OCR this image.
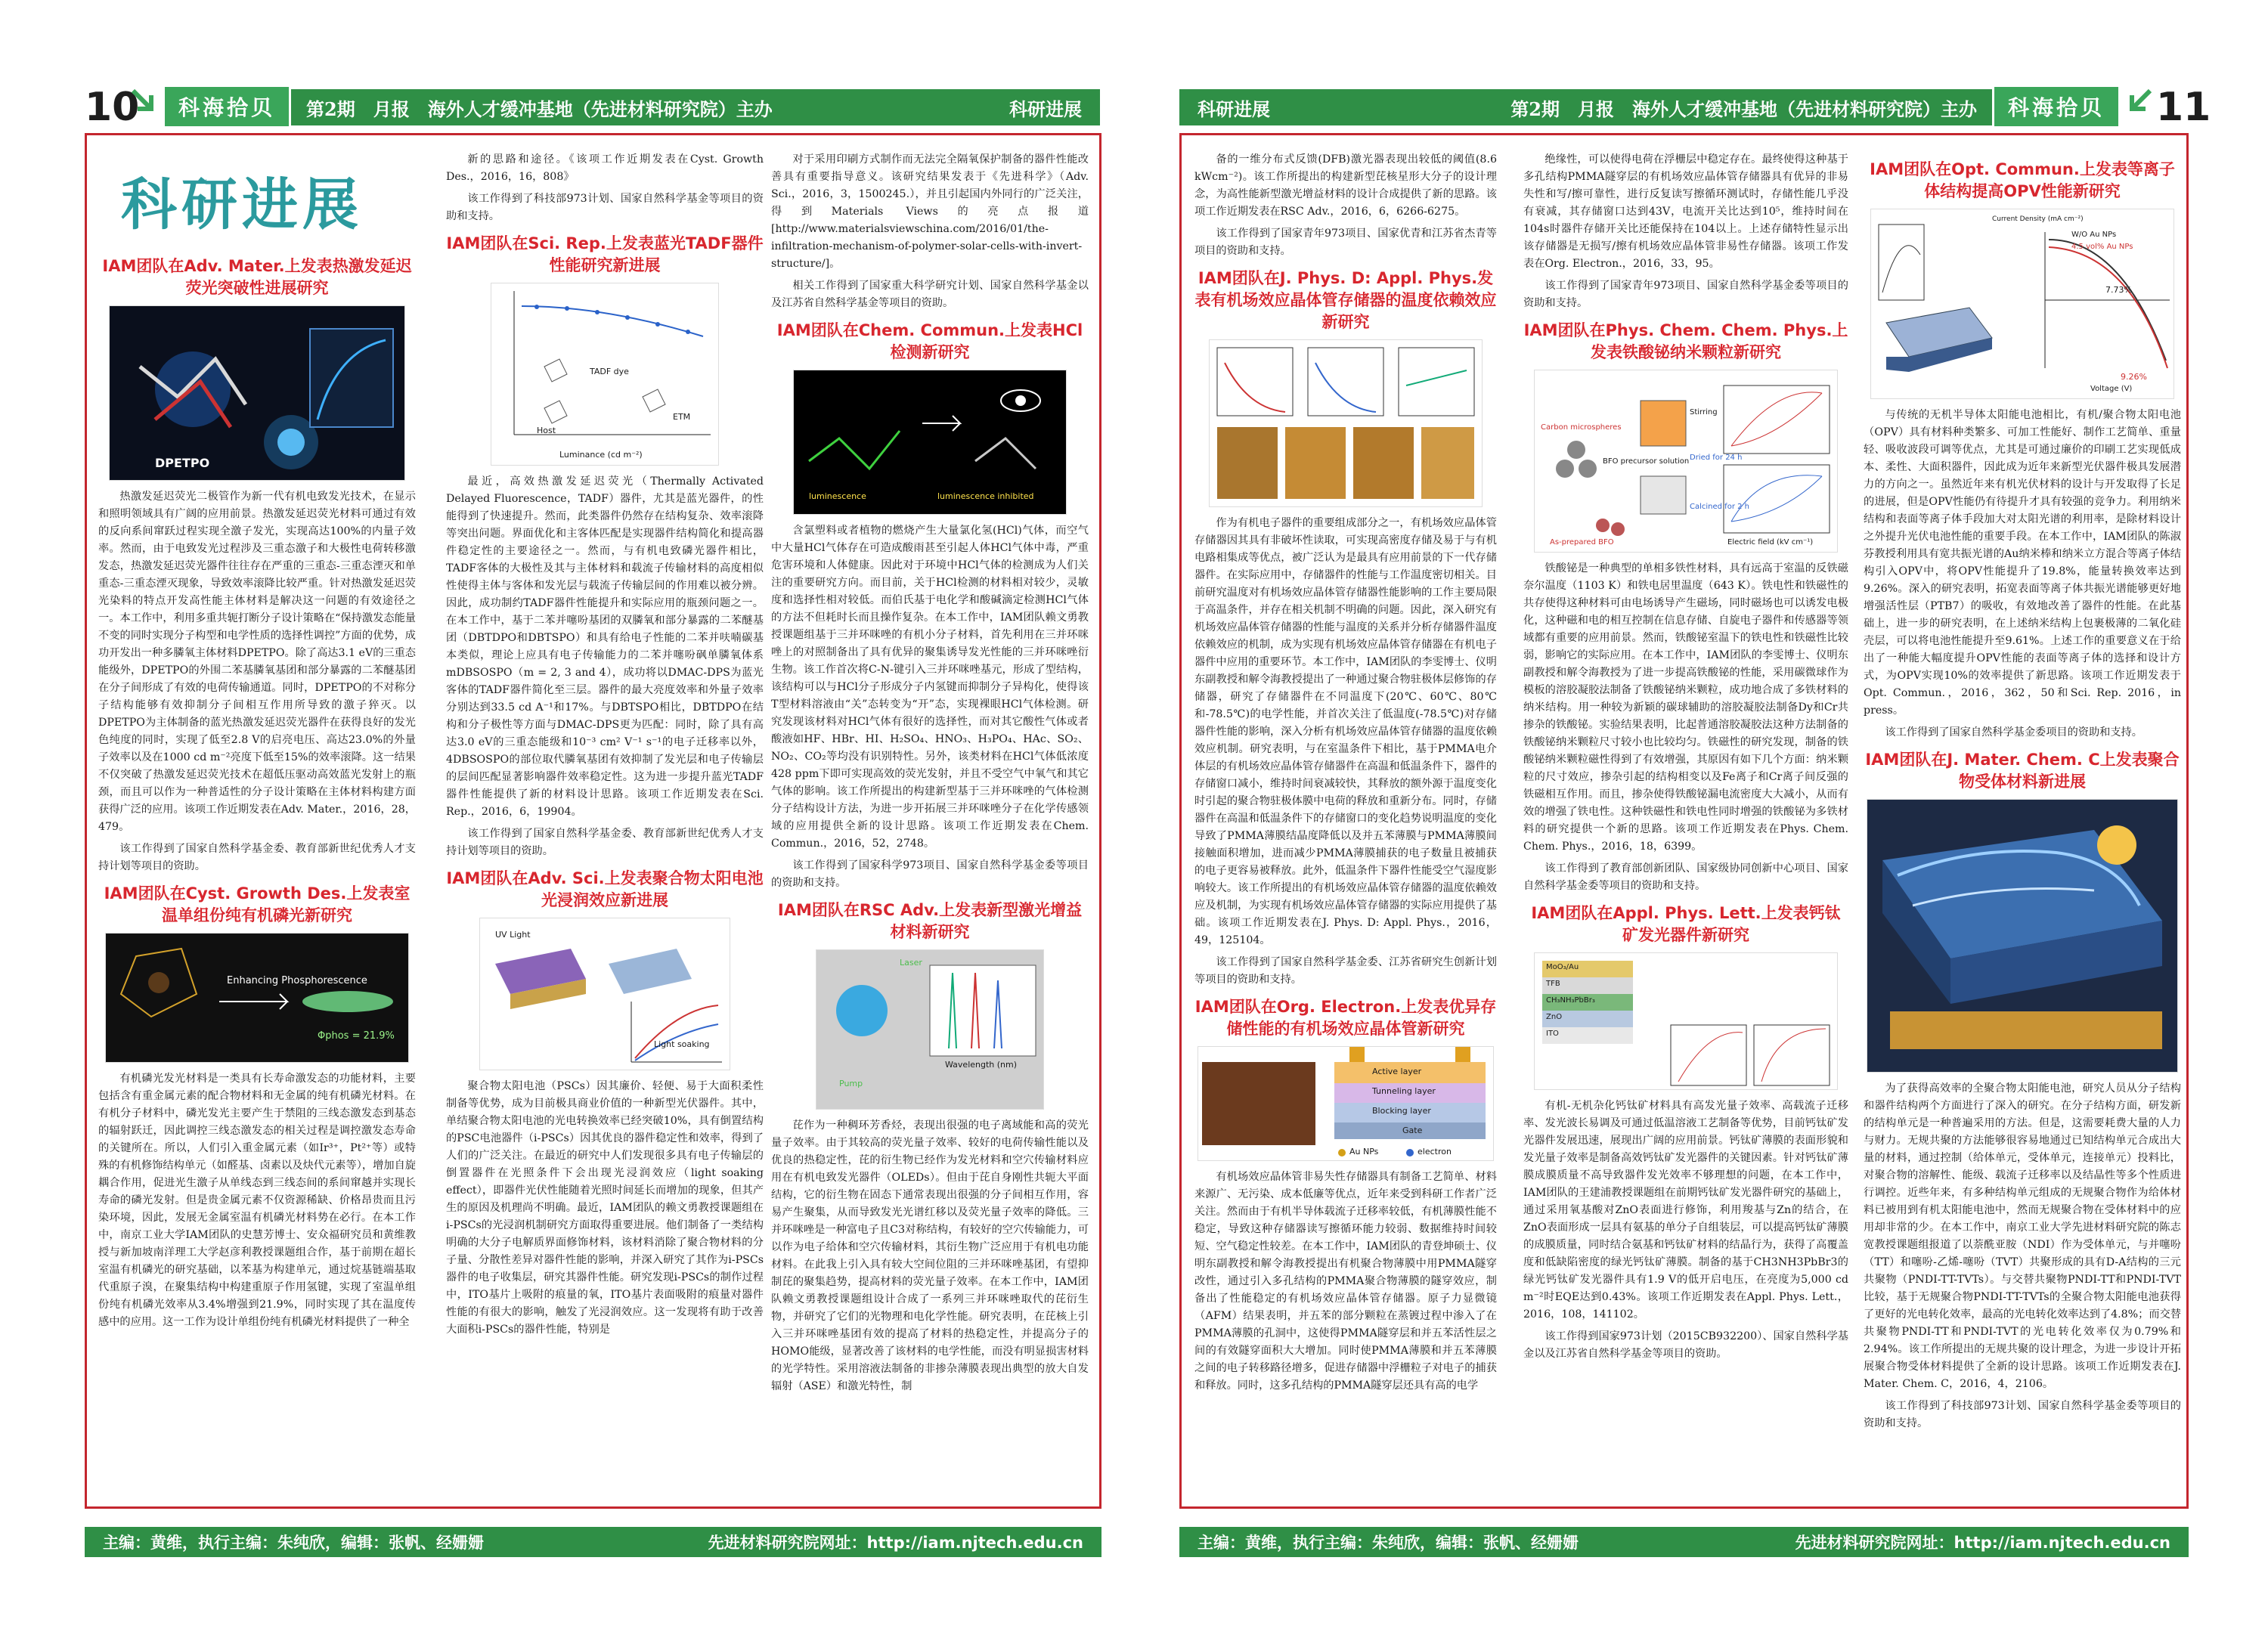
10	科海拾贝	第2期　月报　海外人才缓冲基地（先进材料研究院）主办	科研进展
科研进展
IAM团队在Adv. Mater.上发表热激发延迟荧光突破性进展研究
DPETPO

热激发延迟荧光二极管作为新一代有机电致发光技术，在显示和照明领域具有广阔的应用前景。热激发延迟荧光材料可通过有效的反向系间窜跃过程实现全激子发光，实现高达100%的内量子效率。然而，由于电致发光过程涉及三重态激子和大极性电荷转移激发态，热激发延迟荧光器件往往存在严重的三重态-三重态湮灭和单重态-三重态湮灭现象，导致效率滚降比较严重。针对热激发延迟荧光染料的特点开发高性能主体材料是解决这一问题的有效途径之一。本工作中，利用多重共轭打断分子设计策略在“保持激发态能量不变的同时实现分子构型和电学性质的选择性调控”方面的优势，成功开发出一种多膦氧主体材料DPETPO。除了高达3.1 eV的三重态能级外，DPETPO的外围二苯基膦氧基团和部分暴露的二苯醚基团在分子间形成了有效的电荷传输通道。同时，DPETPO的不对称分子结构能够有效抑制分子间相互作用所导致的激子猝灭。以DPETPO为主体制备的蓝光热激发延迟荧光器件在获得良好的发光色纯度的同时，实现了低至2.8 V的启亮电压、高达23.0%的外量子效率以及在1000 cd m⁻²亮度下低至15%的效率滚降。这一结果不仅突破了热激发延迟荧光技术在超低压驱动高效蓝光发射上的瓶颈，而且可以作为一种普适性的分子设计策略在主体材料构建方面获得广泛的应用。该项工作近期发表在Adv. Mater.，2016，28，479。

该工作得到了国家自然科学基金委、教育部新世纪优秀人才支持计划等项目的资助。

IAM团队在Cyst. Growth Des.上发表室温单组份纯有机磷光新研究
Enhancing Phosphorescence
Φphos = 21.9%

有机磷光发光材料是一类具有长寿命激发态的功能材料，主要包括含有重金属元素的配合物材料和无金属的纯有机磷光材料。在有机分子材料中，磷光发光主要产生于禁阻的三线态激发态到基态的辐射跃迁，因此调控三线态激发态的相关过程是调控激发态寿命的关键所在。所以，人们引入重金属元素（如Ir³⁺，Pt²⁺等）或特殊的有机修饰结构单元（如醛基、卤素以及炔代元素等），增加自旋耦合作用，促进光生激子从单线态到三线态间的系间窜越并实现长寿命的磷光发射。但是贵金属元素不仅资源稀缺、价格昂贵而且污染环境，因此，发展无金属室温有机磷光材料势在必行。在本工作中，南京工业大学IAM团队的史慧芳博士、安众福研究员和黄维教授与新加坡南洋理工大学赵彦利教授课题组合作，基于前期在超长室温有机磷光的研究基础，以苯基为构建单元，通过烷基链端基取代重原子溴，在聚集结构中构建重原子作用氢键，实现了室温单组份纯有机磷光效率从3.4%增强到21.9%，同时实现了其在温度传感中的应用。这一工作为设计单组份纯有机磷光材料提供了一种全

新的思路和途径。《该项工作近期发表在Cyst. Growth Des.，2016，16，808》

该工作得到了科技部973计划、国家自然科学基金等项目的资助和支持。

IAM团队在Sci. Rep.上发表蓝光TADF器件性能研究新进展
TADF dye
Host
ETM
Luminance (cd m⁻²)

最近，高效热激发延迟荧光（Thermally Activated Delayed Fluorescence，TADF）器件，尤其是蓝光器件，的性能得到了快速提升。然而，此类器件仍然存在结构复杂、效率滚降等突出问题。界面优化和主客体匹配是实现器件结构简化和提高器件稳定性的主要途径之一。然而，与有机电致磷光器件相比，TADF客体的大极性及其与主体材料和载流子传输材料的高度相似性使得主体与客体和发光层与载流子传输层间的作用难以被分辨。因此，成功制约TADF器件性能提升和实际应用的瓶颈问题之一。在本工作中，基于二苯并噻吩基团的双膦氧和部分暴露的二苯醚基团（DBTDPO和DBTSPO）和具有给电子性能的二苯并呋喃碳基本类似，理论上应具有电子传输能力的二苯并噻吩砜单膦氧体系mDBSOSPO（m = 2, 3 and 4），成功将以DMAC-DPS为蓝光客体的TADF器件简化至三层。器件的最大亮度效率和外量子效率分别达到33.5 cd A⁻¹和17%。与DBTSPO相比，DBTDPO在结构和分子极性等方面与DMAC-DPS更为匹配：同时，除了具有高达3.0 eV的三重态能级和10⁻³ cm² V⁻¹ s⁻¹的电子迁移率以外，4DBSOSPO的部位取代膦氧基团有效抑制了发光层和电子传输层的层间匹配显著影响器件效率稳定性。这为进一步提升蓝光TADF器件性能提供了新的材料设计思路。该项工作近期发表在Sci. Rep.，2016，6，19904。

该工作得到了国家自然科学基金委、教育部新世纪优秀人才支持计划等项目的资助。

IAM团队在Adv. Sci.上发表聚合物太阳电池光浸润效应新进展
UV Light
Light soaking

聚合物太阳电池（PSCs）因其廉价、轻便、易于大面积柔性制备等优势，成为目前极具商业价值的一种新型光伏器件。其中，单结聚合物太阳电池的光电转换效率已经突破10%，具有倒置结构的PSC电池器件（i-PSCs）因其优良的器件稳定性和效率，得到了人们的广泛关注。在最近的研究中人们发现很多具有电子传输层的倒置器件在光照条件下会出现光浸润效应（light soaking effect），即器件光伏性能随着光照时间延长而增加的现象，但其产生的原因及机理尚不明确。最近，IAM团队的赖文勇教授课题组在i-PSCs的光浸润机制研究方面取得重要进展。他们制备了一类结构明确的大分子电解质界面修饰材料，该材料消除了聚合物材料的分子量、分散性差异对器件性能的影响，并深入研究了其作为i-PSCs器件的电子收集层，研究其器件性能。研究发现i-PSCs的制作过程中，ITO基片上吸附的痕量的氧，ITO基片表面吸附的痕量对器件性能的有很大的影响，触发了光浸润效应。这一发现将有助于改善大面积i-PSCs的器件性能，特别是

对于采用印刷方式制作而无法完全隔氧保护制备的器件性能改善具有重要指导意义。该研究结果发表于《先进科学》（Adv. Sci.，2016，3，1500245.），并且引起国内外同行的广泛关注，得到Materials Views的亮点报道[http://www.materialsviewschina.com/2016/01/the-infiltration-mechanism-of-polymer-solar-cells-with-invert-structure/]。

相关工作得到了国家重大科学研究计划、国家自然科学基金以及江苏省自然科学基金等项目的资助。

IAM团队在Chem. Commun.上发表HCl检测新研究
luminescence	luminescence inhibited

含氯塑料或者植物的燃烧产生大量氯化氢(HCl)气体，而空气中大量HCl气体存在可造成酸雨甚至引起人体HCl气体中毒，严重危害环境和人体健康。因此对于环境中HCl气体的检测成为人们关注的重要研究方向。而目前，关于HCl检测的材料相对较少，灵敏度和选择性相对较低。而伯氏基于电化学和酸碱滴定检测HCl气体的方法不但耗时长而且操作复杂。在本工作中，IAM团队赖文勇教授课题组基于三并环咪唑的有机小分子材料，首先利用在三并环咪唑上的对照制备出了具有优异的聚集诱导发光性能的三并环咪唑衍生物。该工作首次将C-N-键引入三并环咪唑基元，形成了型结构，该结构可以与HCl分子形成分子内氢键而抑制分子异构化，使得该T型材料溶液由“关”态转变为“开”态，实现裸眼HCl气体检测。研究发现该材料对HCl气体有很好的选择性，而对其它酸性气体或者酸液如HF、HBr、HI、H₂SO₄、HNO₃、H₃PO₄、HAc、SO₂、NO₂、CO₂等均没有识别特性。另外，该类材料在HCl气体低浓度428 ppm下即可实现高效的荧光发射，并且不受空气中氧气和其它气体的影响。该工作所提出的构建新型基于三并环咪唑的气体检测分子结构设计方法，为进一步开拓展三并环咪唑分子在化学传感领域的应用提供全新的设计思路。该项工作近期发表在Chem. Commun.，2016，52，2748。

该工作得到了国家科学973项目、国家自然科学基金委等项目的资助和支持。

IAM团队在RSC Adv.上发表新型激光增益材料新研究
Laser
Pump
Wavelength (nm)

芘作为一种稠环芳香烃，表现出很强的电子离域能和高的荧光量子效率。由于其较高的荧光量子效率、较好的电荷传输性能以及优良的热稳定性，芘的衍生物已经作为发光材料和空穴传输材料应用在有机电致发光器件（OLEDs）。但由于芘自身刚性共轭大平面结构，它的衍生物在固态下通常表现出很强的分子间相互作用，容易产生聚集，从而导致发光光谱红移以及荧光量子效率的降低。三并环咪唑是一种富电子且C3对称结构，有较好的空穴传输能力，可以作为电子给体和空穴传输材料，其衍生物广泛应用于有机电功能材料。在此我上引入具有较大空间位阻的三并环咪唑基团，有望抑制芘的聚集趋势，提高材料的荧光量子效率。在本工作中，IAM团队赖文勇教授课题组设计合成了一系列三并环咪唑取代的芘衍生物，并研究了它们的光物理和电化学性能。研究表明，在芘核上引入三并环咪唑基团有效的提高了材料的热稳定性，并提高分子的HOMO能级，显著改善了该材料的电学性能，而没有明显损害材料的光学特性。采用溶液法制备的非掺杂薄膜表现出典型的放大自发辐射（ASE）和激光特性，制

主编：黄维，执行主编：朱纯欣，编辑：张帆、经姗姗	先进材料研究院网址：http://iam.njtech.edu.cn
科研进展	第2期　月报　海外人才缓冲基地（先进材料研究院）主办	科海拾贝	11

备的一维分布式反馈(DFB)激光器表现出较低的阈值(8.6 kWcm⁻²)。该工作所提出的构建新型芘核星形大分子的设计理念，为高性能新型激光增益材料的设计合成提供了新的思路。该项工作近期发表在RSC Adv.，2016，6，6266-6275。

该工作得到了国家青年973项目、国家优青和江苏省杰青等项目的资助和支持。

IAM团队在J. Phys. D: Appl. Phys.发表有机场效应晶体管存储器的温度依赖效应新研究

作为有机电子器件的重要组成部分之一，有机场效应晶体管存储器因其具有非破坏性读取，可实现高密度存储及易于与有机电路相集成等优点，被广泛认为是最具有应用前景的下一代存储器件。在实际应用中，存储器件的性能与工作温度密切相关。目前研究温度对有机场效应晶体管存储器性能影响的工作主要局限于高温条件，并存在相关机制不明确的问题。因此，深入研究有机场效应晶体管存储器的性能与温度的关系并分析存储器件温度依赖效应的机制，成为实现有机场效应晶体管存储器在有机电子器件中应用的重要环节。本工作中，IAM团队的李雯博士、仪明东副教授和解令海教授提出了一种通过聚合物驻极体层修饰的存储器，研究了存储器件在不同温度下(20℃、60℃、80℃和-78.5℃)的电学性能，并首次关注了低温度(-78.5℃)对存储器件性能的影响，深入分析有机场效应晶体管存储器的温度依赖效应机制。研究表明，与在室温条件下相比，基于PMMA电介体层的有机场效应晶体管存储器件在高温和低温条件下，器件的存储窗口减小，维持时间衰减较快，其释放的额外源于温度变化时引起的聚合物驻极体膜中电荷的释放和重新分布。同时，存储器件在高温和低温条件下的存储窗口的变化趋势说明温度的变化导致了PMMA薄膜结晶度降低以及并五苯薄膜与PMMA薄膜间接触面积增加，进而减少PMMA薄膜捕获的电子数量且被捕获的电子更容易被释放。此外，低温条件下器件性能受空气湿度影响较大。该工作所提出的有机场效应晶体管存储器的温度依赖效应及机制，为实现有机场效应晶体管存储器的实际应用提供了基础。该项工作近期发表在J. Phys. D: Appl. Phys.，2016，49，125104。

该工作得到了国家自然科学基金委、江苏省研究生创新计划等项目的资助和支持。

IAM团队在Org. Electron.上发表优异存储性能的有机场效应晶体管新研究
Active layer
Tunneling layer
Blocking layer
Gate
Au NPs	electron

有机场效应晶体管非易失性存储器具有制备工艺简单、材料来源广、无污染、成本低廉等优点，近年来受到科研工作者广泛关注。然而由于有机半导体载流子迁移率较低，有机薄膜性能不稳定，导致这种存储器读写擦循环能力较弱、数据维持时间较短、空气稳定性较差。在本工作中，IAM团队的青登坤硕士、仪明东副教授和解令海教授提出有机聚合物薄膜中用PMMA隧穿改性，通过引入多孔结构的PMMA聚合物薄膜的隧穿效应，制备出了性能稳定的有机场效应晶体管存储器。原子力显微镜（AFM）结果表明，并五苯的部分颗粒在蒸镀过程中渗入了在PMMA薄膜的孔洞中，这使得PMMA隧穿层和并五苯活性层之间的有效隧穿面积大大增加。同时使PMMA薄膜和并五苯薄膜之间的电子转移路径增多，促进存储器中浮栅粒子对电子的捕获和释放。同时，这多孔结构的PMMA隧穿层还具有高的电学

绝缘性，可以使得电荷在浮栅层中稳定存在。最终使得这种基于多孔结构PMMA隧穿层的有机场效应晶体管存储器具有优异的非易失性和写/擦可靠性，进行反复读写擦循环测试时，存储性能几乎没有衰减，其存储窗口达到43V，电流开关比达到10⁵，维持时间在104s时器件存储开关比还能保持在104以上。上述存储特性显示出该存储器是无损写/擦有机场效应晶体管非易性存储器。该项工作发表在Org. Electron.，2016，33，95。

该工作得到了国家青年973项目、国家自然科学基金委等项目的资助和支持。

IAM团队在Phys. Chem. Chem. Phys.上发表铁酸铋纳米颗粒新研究
Carbon microspheres
Stirring
BFO precursor solution Dried for 24 h
Calcined for 2 h
As-prepared BFO	Electric field (kV cm⁻¹)

铁酸铋是一种典型的单相多铁性材料，具有远高于室温的反铁磁奈尔温度（1103 K）和铁电居里温度（643 K）。铁电性和铁磁性的共存使得这种材料可由电场诱导产生磁场，同时磁场也可以诱发电极化，这种磁和电的相互控制在信息存储、自旋电子器件和传感器等领域都有重要的应用前景。然而，铁酸铋室温下的铁电性和铁磁性比较弱，影响它的实际应用。在本工作中，IAM团队的李雯博士、仪明东副教授和解令海教授为了进一步提高铁酸铋的性能，采用碳微球作为模板的溶胶凝胶法制备了铁酸铋纳米颗粒，成功地合成了多铁材料的纳米结构。用一种较为新颖的碳球辅助的溶胶凝胶法制备Dy和Cr共掺杂的铁酸铋。实验结果表明，比起普通溶胶凝胶法这种方法制备的铁酸铋纳米颗粒尺寸较小也比较均匀。铁磁性的研究发现，制备的铁酸铋纳米颗粒磁性得到了有效增强，其原因有如下几个方面：纳米颗粒的尺寸效应，掺杂引起的结构相变以及Fe离子和Cr离子间反强的铁磁相互作用。而且，掺杂使得铁酸铋漏电流密度大大减小，从而有效的增强了铁电性。这种铁磁性和铁电性同时增强的铁酸铋为多铁材料的研究提供一个新的思路。该项工作近期发表在Phys. Chem. Chem. Phys.，2016，18，6399。

该工作得到了教育部创新团队、国家级协同创新中心项目、国家自然科学基金委等项目的资助和支持。

IAM团队在Appl. Phys. Lett.上发表钙钛矿发光器件新研究
MoO₃/Au
TFB
CH₃NH₃PbBr₃
ZnO
ITO

有机-无机杂化钙钛矿材料具有高发光量子效率、高载流子迁移率、发光波长易调及可通过低温溶液工艺制备等优势，目前钙钛矿发光器件发展迅速，展现出广阔的应用前景。钙钛矿薄膜的表面形貌和发光量子效率是制备高效钙钛矿发光器件的关键因素。针对钙钛矿薄膜成膜质量不高导致器件发光效率不够理想的问题，在本工作中，IAM团队的王建浦教授课题组在前期钙钛矿发光器件研究的基础上，通过采用氧基酸对ZnO表面进行修饰，利用羧基与Zn的结合，在ZnO表面形成一层具有氨基的单分子自组装层，可以提高钙钛矿薄膜的成膜质量，同时结合氨基和钙钛矿材料的结晶行为，获得了高覆盖度和低缺陷密度的绿光钙钛矿薄膜。制备的基于CH3NH3PbBr3的绿光钙钛矿发光器件具有1.9 V的低开启电压，在亮度为5,000 cd m⁻²时EQE达到0.43%。该项工作近期发表在Appl. Phys. Lett.，2016，108，141102。

该工作得到国家973计划（2015CB932200）、国家自然科学基金以及江苏省自然科学基金等项目的资助。

IAM团队在Opt. Commun.上发表等离子体结构提高OPV性能新研究
W/O Au NPs
4.5 vol% Au NPs
7.73%
9.26%
Voltage (V)
Current Density (mA cm⁻²)

与传统的无机半导体太阳能电池相比，有机/聚合物太阳电池（OPV）具有材料种类繁多、可加工性能好、制作工艺简单、重量轻、吸收波段可调等优点，尤其是可通过廉价的印刷工艺实现低成本、柔性、大面积器件，因此成为近年来新型光伏器件极具发展潜力的方向之一。虽然近年来有机光伏材料的设计与开发取得了长足的进展，但是OPV性能仍有待提升才具有较强的竞争力。利用纳米结构和表面等离子体手段加大对太阳光谱的利用率，是除材料设计之外提升光伏电池性能的重要手段。在本工作中，IAM团队的陈淑芬教授利用具有宽共振光谱的Au纳米棒和纳米立方混合等离子体结构引入OPV中，将OPV性能提升了19.8%，能量转换效率达到9.26%。深入的研究表明，拓宽表面等离子体共振光谱能够更好地增强活性层（PTB7）的吸收，有效地改善了器件的性能。在此基础上，进一步的研究表明，在上述纳米结构上包裹极薄的二氧化硅壳层，可以将电池性能提升至9.61%。上述工作的重要意义在于给出了一种能大幅度提升OPV性能的表面等离子体的选择和设计方式，为OPV实现10%的效率提供了新思路。该项工作近期发表于Opt. Commun.，2016，362，50和Sci. Rep. 2016，in press。

该工作得到了国家自然科学基金委项目的资助和支持。

IAM团队在J. Mater. Chem. C上发表聚合物受体材料新进展

为了获得高效率的全聚合物太阳能电池，研究人员从分子结构和器件结构两个方面进行了深入的研究。在分子结构方面，研发新的结构单元是一种普遍采用的方法。但是，这需要耗费大量的人力与财力。无规共聚的方法能够很容易地通过已知结构单元合成出大量的材料，通过控制（给体单元，受体单元，连接单元）投料比，对聚合物的溶解性、能级、载流子迁移率以及结晶性等多个性质进行调控。近些年来，有多种结构单元组成的无规聚合物作为给体材料已被用到有机太阳能电池中，然而无规聚合物在受体材料中的应用却非常的少。在本工作中，南京工业大学先进材料研究院的陈志宽教授课题组报道了以萘酰亚胺（NDI）作为受体单元，与并噻吩（TT）和噻吩-乙烯-噻吩（TVT）共聚形成的具有D-A结构的三元共聚物（PNDI-TT-TVTs）。与交替共聚物PNDI-TT和PNDI-TVT比较，基于无规聚合物PNDI-TT-TVTs的全聚合物太阳能电池获得了更好的光电转化效率，最高的光电转化效率达到了4.8%；而交替共聚物PNDI-TT和PNDI-TVT的光电转化效率仅为0.79%和2.94%。该工作所提出的无规共聚的设计理念，为进一步设计开拓展聚合物受体材料提供了全新的设计思路。该项工作近期发表在J. Mater. Chem. C，2016，4，2106。

该工作得到了科技部973计划、国家自然科学基金委等项目的资助和支持。

主编：黄维，执行主编：朱纯欣，编辑：张帆、经姗姗	先进材料研究院网址：http://iam.njtech.edu.cn
